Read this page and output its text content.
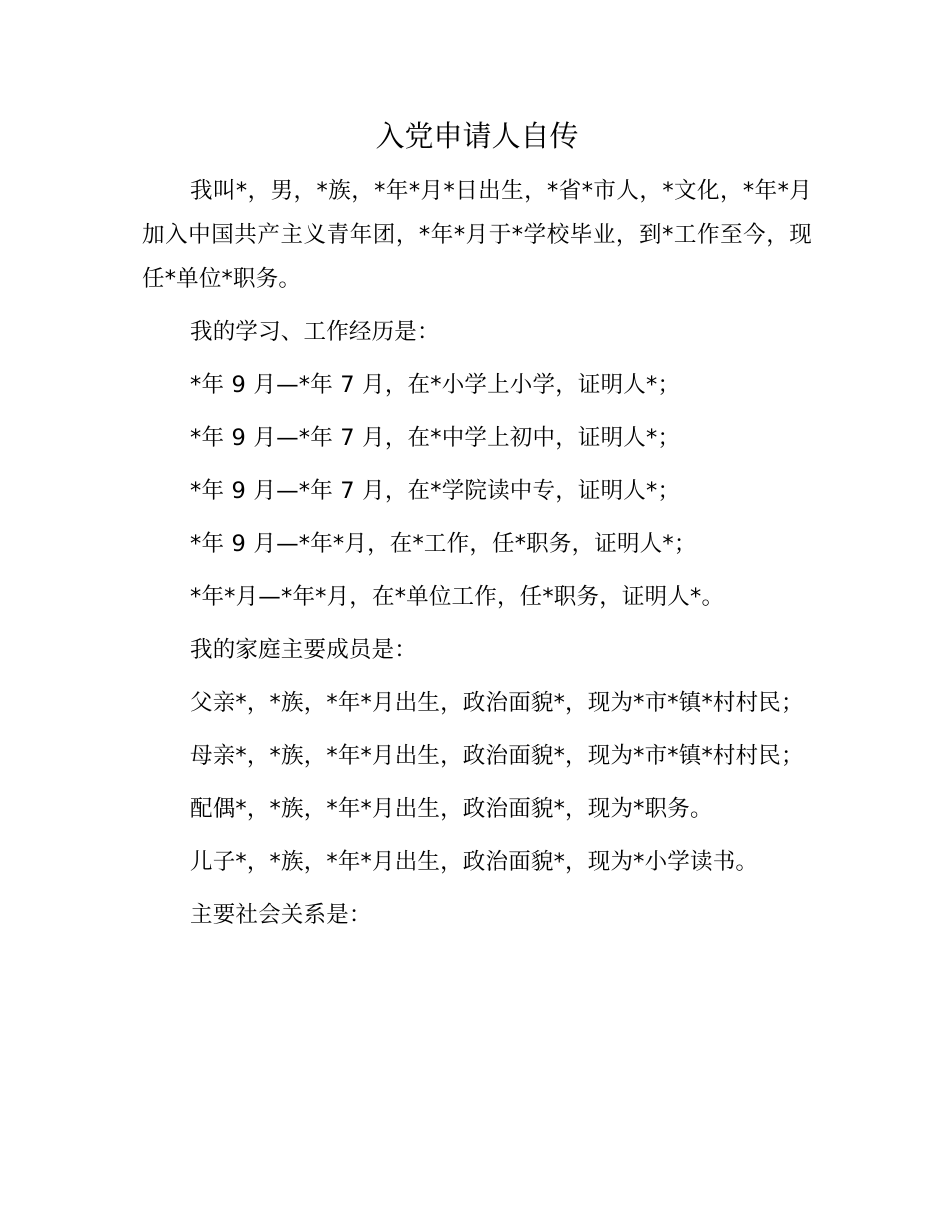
入党申请人自传

我叫*，男，*族，*年*月*日出生，*省*市人，*文化，*年*月加入中国共产主义青年团，*年*月于*学校毕业，到*工作至今，现任*单位*职务。

我的学习、工作经历是：

*年 9 月—*年 7 月，在*小学上小学，证明人*；

*年 9 月—*年 7 月，在*中学上初中，证明人*；

*年 9 月—*年 7 月，在*学院读中专，证明人*；

*年 9 月—*年*月，在*工作，任*职务，证明人*；

*年*月—*年*月，在*单位工作，任*职务，证明人*。

我的家庭主要成员是：

父亲*，*族，*年*月出生，政治面貌*，现为*市*镇*村村民；

母亲*，*族，*年*月出生，政治面貌*，现为*市*镇*村村民；

配偶*，*族，*年*月出生，政治面貌*，现为*职务。

儿子*，*族，*年*月出生，政治面貌*，现为*小学读书。

主要社会关系是：
